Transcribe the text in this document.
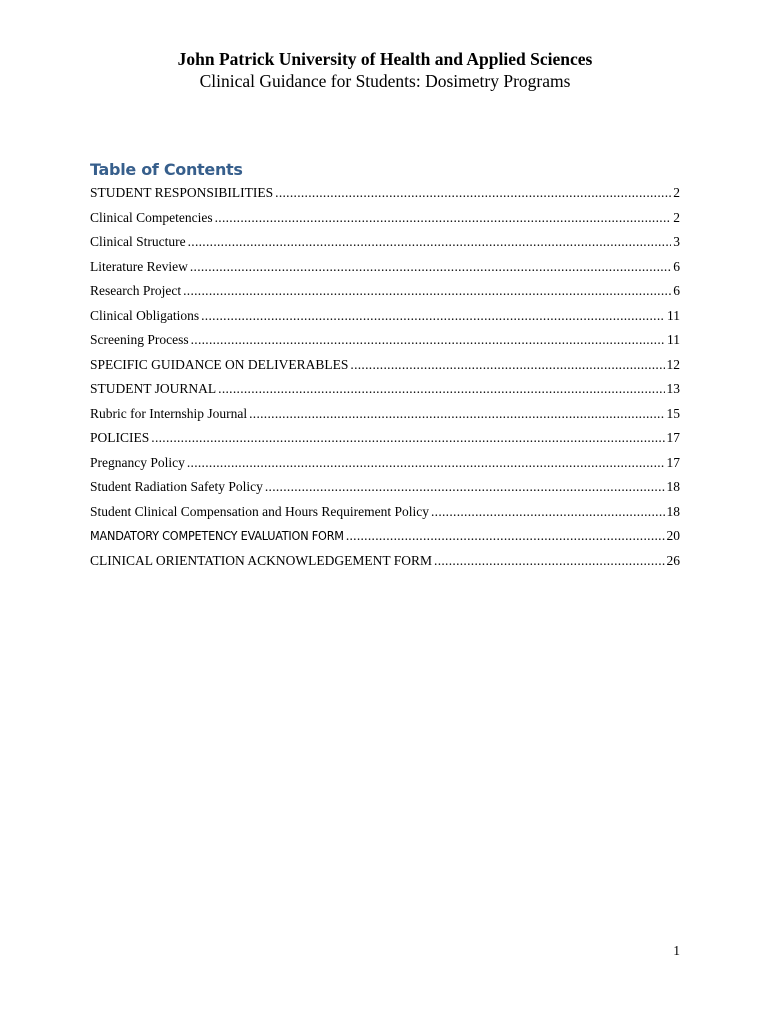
John Patrick University of Health and Applied Sciences
Clinical Guidance for Students: Dosimetry Programs
Table of Contents
STUDENT RESPONSIBILITIES .....	2
Clinical Competencies .....	2
Clinical Structure .....	3
Literature Review .....	6
Research Project .....	6
Clinical Obligations .....	11
Screening Process .....	11
SPECIFIC GUIDANCE ON DELIVERABLES .....	12
STUDENT JOURNAL .....	13
Rubric for Internship Journal .....	15
POLICIES .....	17
Pregnancy Policy .....	17
Student Radiation Safety Policy .....	18
Student Clinical Compensation and Hours Requirement Policy .....	18
MANDATORY COMPETENCY EVALUATION FORM .....	20
CLINICAL ORIENTATION ACKNOWLEDGEMENT FORM .....	26
1
